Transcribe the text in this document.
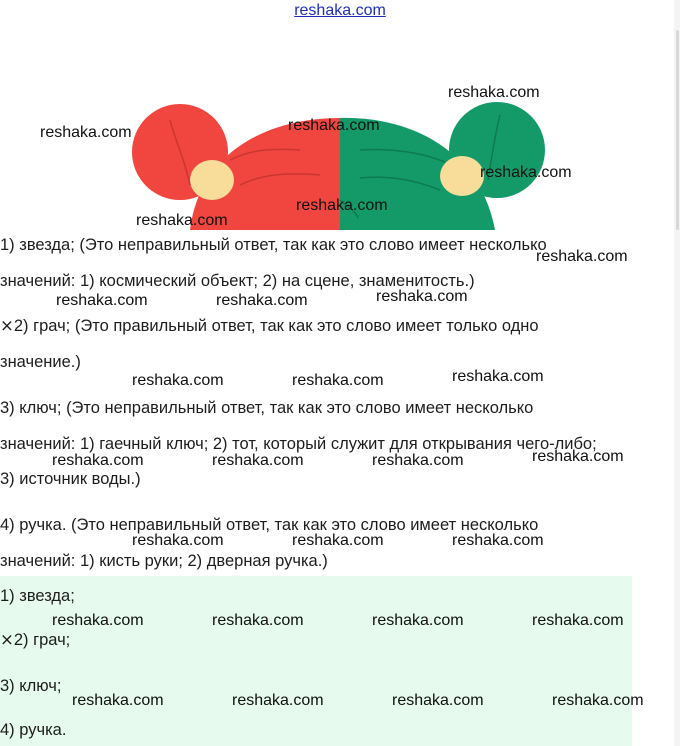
reshaka.com
1) звезда; (Это неправильный ответ, так как это слово имеет несколько
значений: 1) космический объект; 2) на сцене, знаменитость.)
⨯2) грач; (Это правильный ответ, так как это слово имеет только одно
значение.)
3) ключ; (Это неправильный ответ, так как это слово имеет несколько
значений: 1) гаечный ключ; 2) тот, который служит для открывания чего-либо;
3) источник воды.)
4) ручка. (Это неправильный ответ, так как это слово имеет несколько
значений: 1) кисть руки; 2) дверная ручка.)
1) звезда;
⨯2) грач;
3) ключ;
4) ручка.
reshaka.com
reshaka.com	reshaka.com
reshaka.com
reshaka.com
reshaka.com
reshaka.com
reshaka.com	reshaka.com	reshaka.com
reshaka.com	reshaka.com	reshaka.com
reshaka.com	reshaka.com	reshaka.com	reshaka.com
reshaka.com	reshaka.com	reshaka.com
reshaka.com	reshaka.com	reshaka.com	reshaka.com
reshaka.com	reshaka.com	reshaka.com	reshaka.com
